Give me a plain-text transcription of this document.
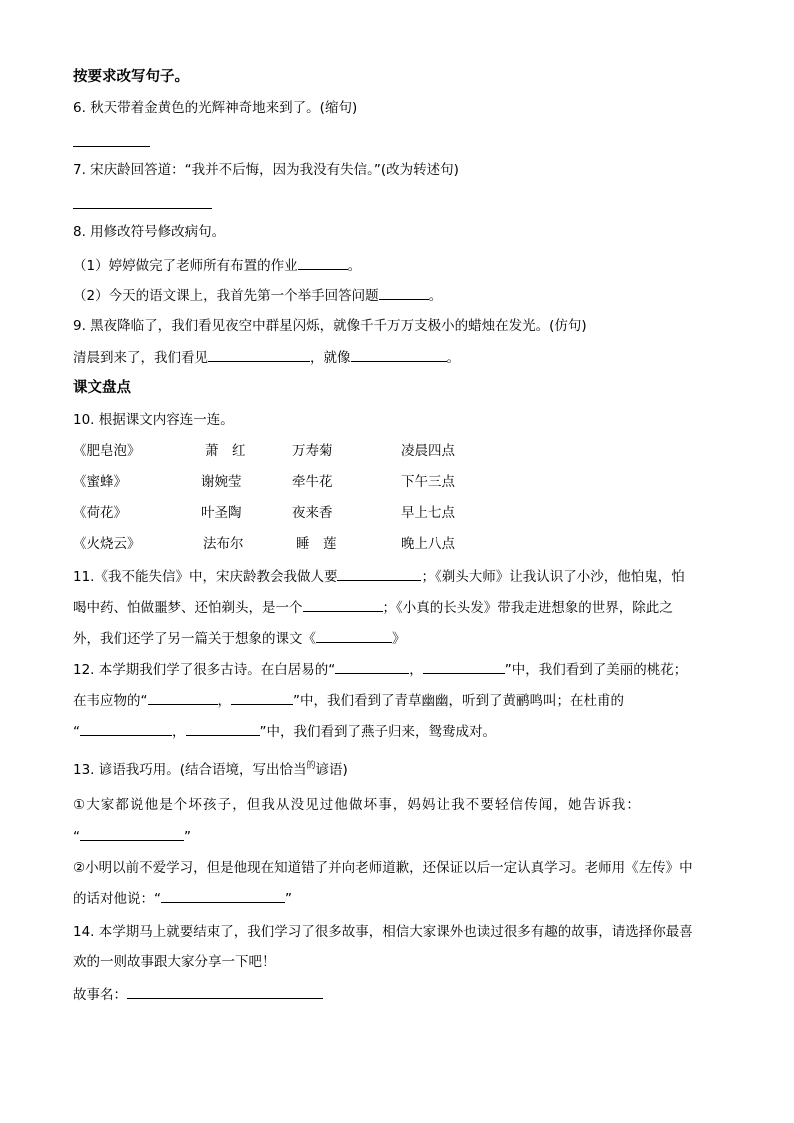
按要求改写句子。
6. 秋天带着金黄色的光辉神奇地来到了。(缩句)
7. 宋庆龄回答道：“我并不后悔，因为我没有失信。”(改为转述句)
8. 用修改符号修改病句。
（1）婷婷做完了老师所有布置的作业	。
（2）今天的语文课上，我首先第一个举手回答问题	。
9. 黑夜降临了，我们看见夜空中群星闪烁，就像千千万万支极小的蜡烛在发光。(仿句)
清晨到来了，我们看见	，就像	。
课文盘点
10. 根据课文内容连一连。
《肥皂泡》	萧　红	万寿菊	凌晨四点
《蜜蜂》	谢婉莹	牵牛花	下午三点
《荷花》	叶圣陶	夜来香	早上七点
《火烧云》	法布尔	睡　莲	晚上八点
11.《我不能失信》中，宋庆龄教会我做人要	；《剃头大师》让我认识了小沙，他怕鬼，怕
喝中药、怕做噩梦、还怕剃头，是一个	；《小真的长头发》带我走进想象的世界，除此之
外，我们还学了另一篇关于想象的课文《	》
12. 本学期我们学了很多古诗。在白居易的“	，	”中，我们看到了美丽的桃花；
在韦应物的“	，	”中，我们看到了青草幽幽，听到了黄鹂鸣叫；在杜甫的
“	，	”中，我们看到了燕子归来，鸳鸯成对。
13. 谚语我巧用。(结合语境，写出恰当$^的$谚语)
①大家都说他是个坏孩子，但我从没见过他做坏事，妈妈让我不要轻信传闻，她告诉我：
“	”
②小明以前不爱学习，但是他现在知道错了并向老师道歉，还保证以后一定认真学习。老师用《左传》中
的话对他说：“	”
14. 本学期马上就要结束了，我们学习了很多故事，相信大家课外也读过很多有趣的故事，请选择你最喜
欢的一则故事跟大家分享一下吧！
故事名：
